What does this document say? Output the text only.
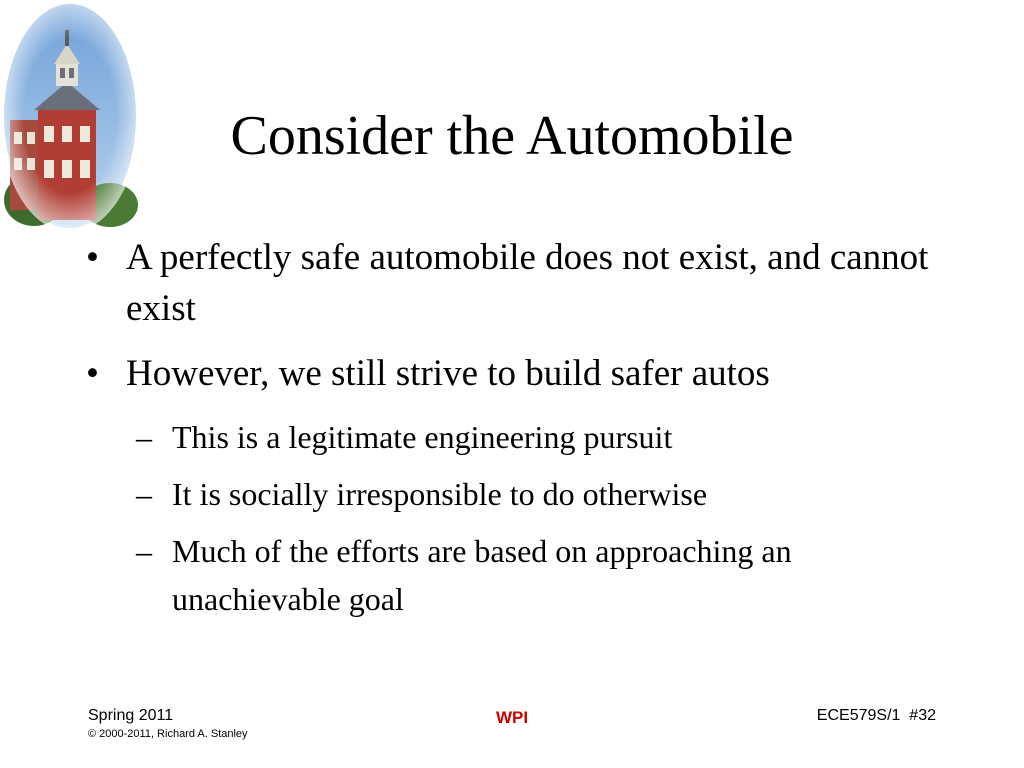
Consider the Automobile
• A perfectly safe automobile does not exist, and cannot exist
• However, we still strive to build safer autos
– This is a legitimate engineering pursuit
– It is socially irresponsible to do otherwise
– Much of the efforts are based on approaching an unachievable goal
Spring 2011
© 2000-2011, Richard A. Stanley
WPI	ECE579S/1  #32
